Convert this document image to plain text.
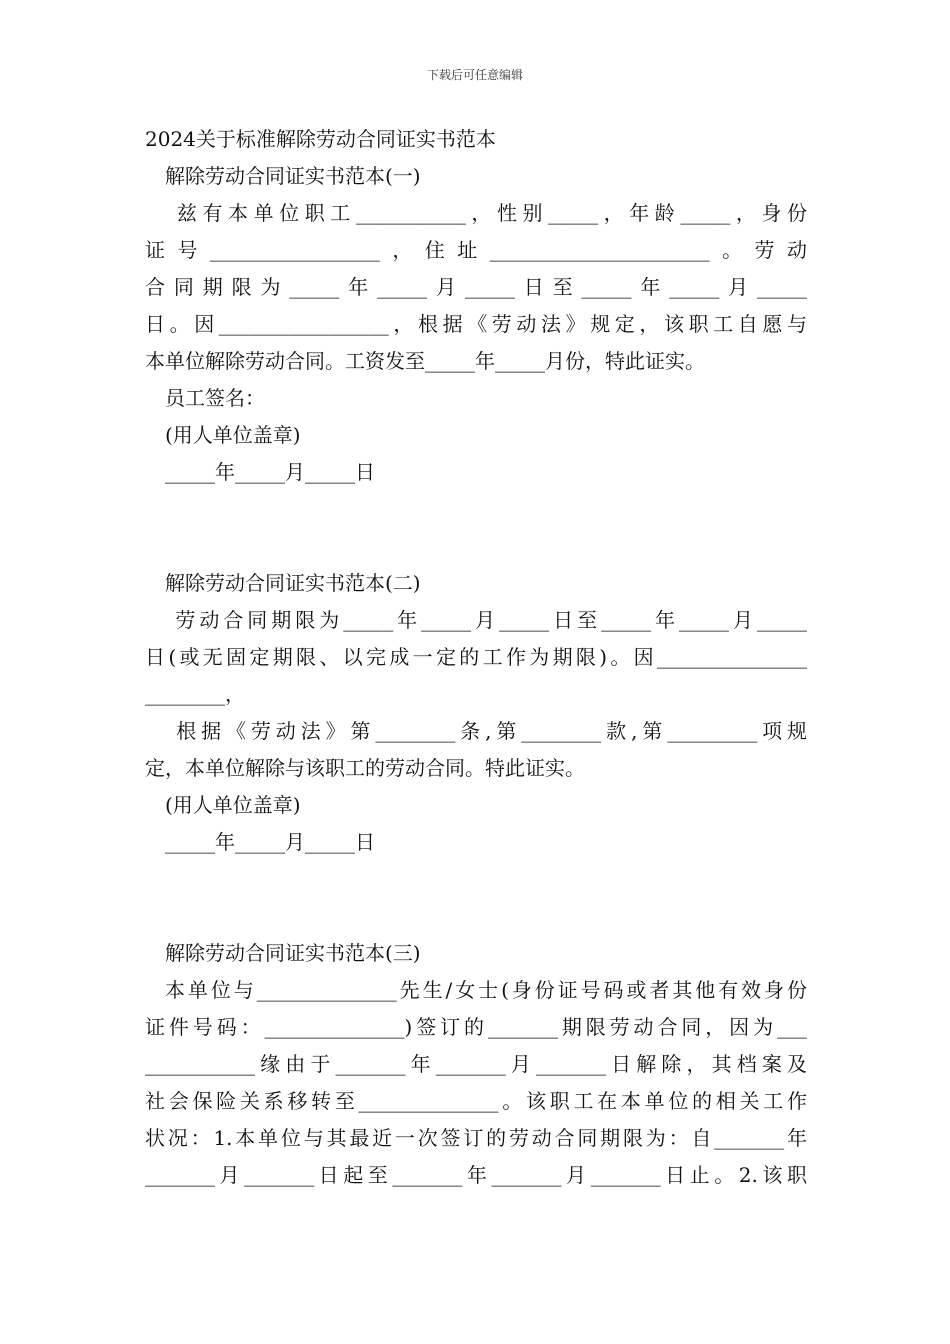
下载后可任意编辑
2024关于标准解除劳动合同证实书范本
解除劳动合同证实书范本(一)
兹有本单位职工___________，性别_____，年龄_____，身份
证号_________________，住址______________________。劳动
合同期限为_____年_____月_____日至_____年_____月_____
日。因_________________，根据《劳动法》规定，该职工自愿与
本单位解除劳动合同。工资发至_____年_____月份，特此证实。
员工签名：
(用人单位盖章)
_____年_____月_____日
解除劳动合同证实书范本(二)
劳动合同期限为_____年_____月_____日至_____年_____月_____
日(或无固定期限、以完成一定的工作为期限)。因_______________
________，
根据《劳动法》第________条,第________款,第_________项规
定，本单位解除与该职工的劳动合同。特此证实。
(用人单位盖章)
_____年_____月_____日
解除劳动合同证实书范本(三)
本单位与______________先生/女士(身份证号码或者其他有效身份
证件号码：______________)签订的_______期限劳动合同，因为___
___________缘由于_______年_______月_______日解除，其档案及
社会保险关系移转至______________。该职工在本单位的相关工作
状况：1.本单位与其最近一次签订的劳动合同期限为：自_______年
_______月_______日起至_______年_______月_______日止。2.该职
